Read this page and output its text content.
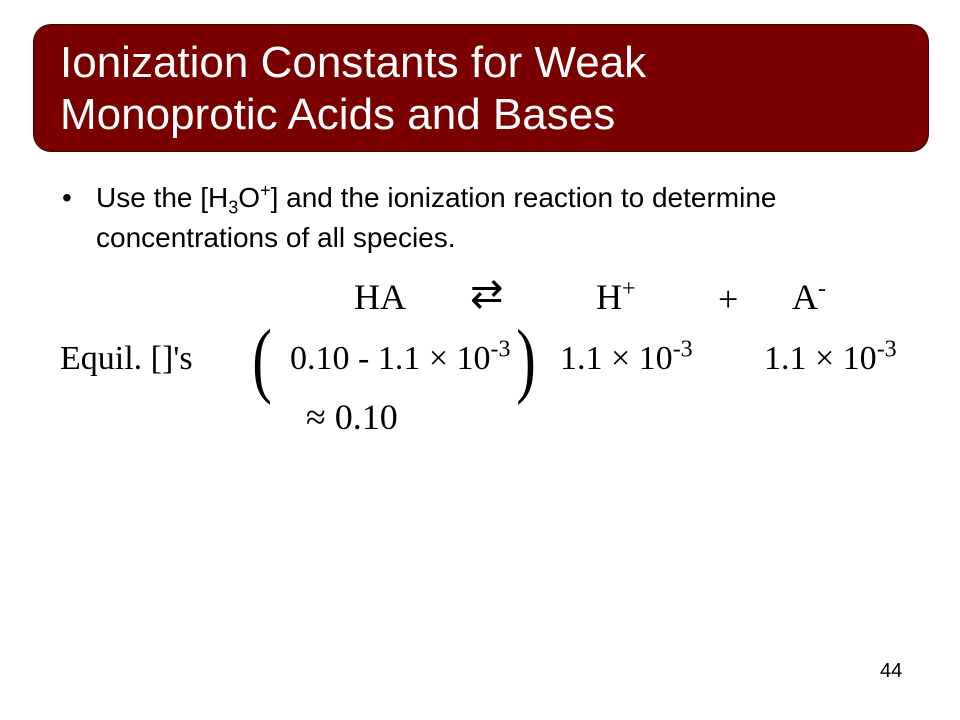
Ionization Constants for Weak
Monoprotic Acids and Bases
• Use the $[H_3O^+]$ and the ionization reaction to determine concentrations of all species.
HA ⇄	H+ + A-
Equil. []'s ( $0.10 - 1.1 \times 10^{-3}$ ) $1.1 \times 10^{-3}$ $1.1 \times 10^{-3}$
≈ 0.10
44
